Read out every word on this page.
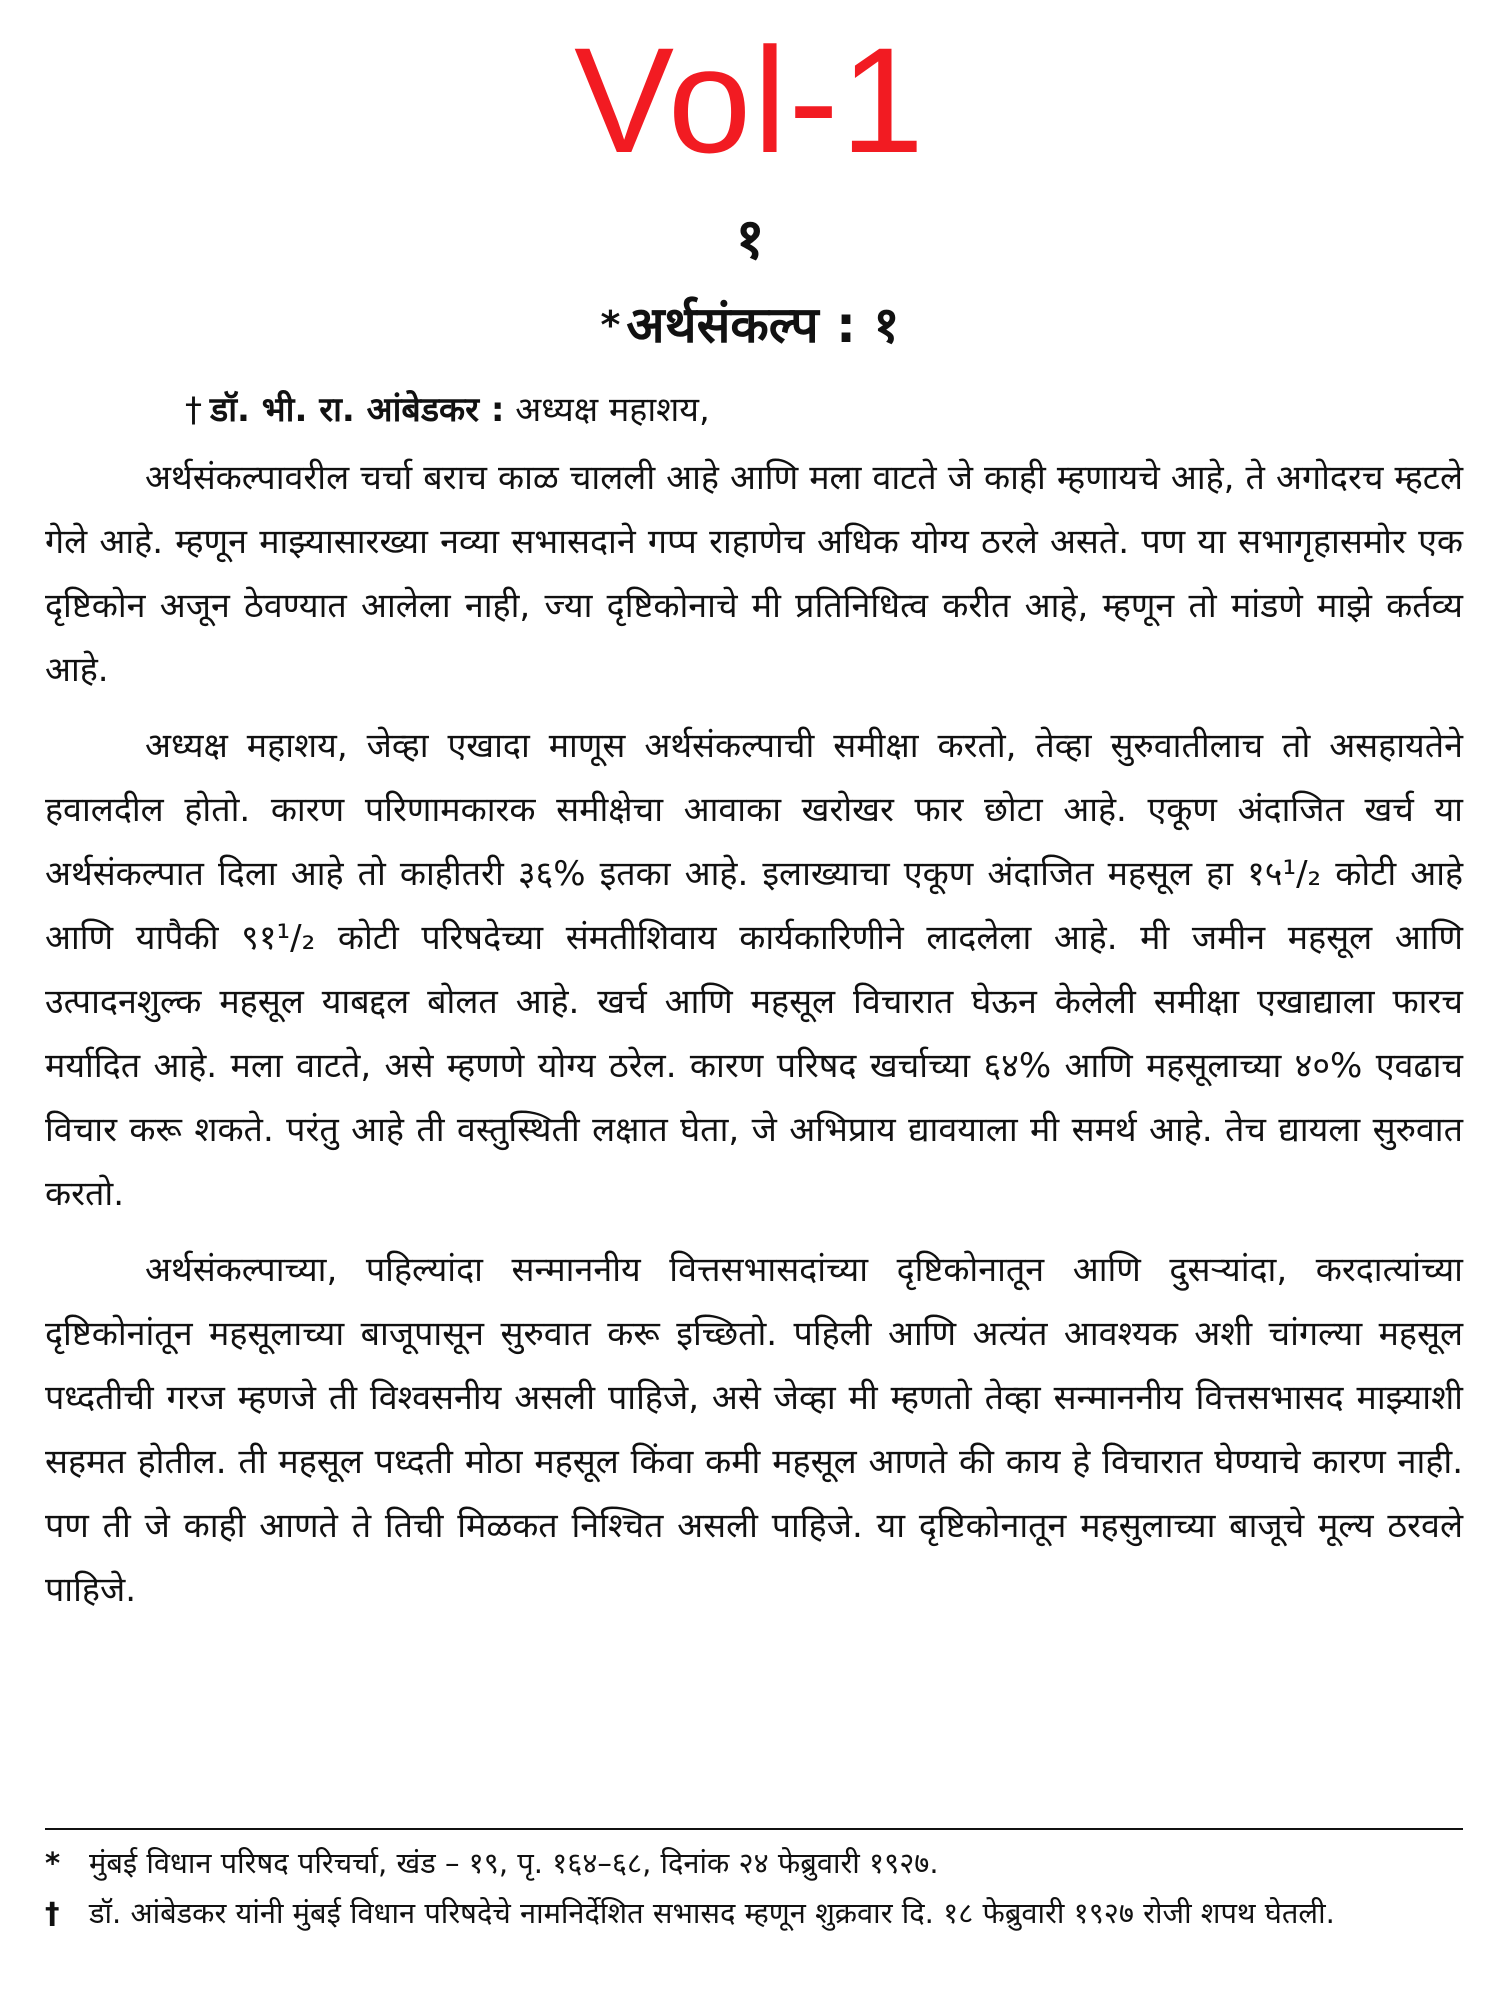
Vol-1
१
* अर्थसंकल्प : १
† डॉ. भी. रा. आंबेडकर : अध्यक्ष महाशय,

अर्थसंकल्पावरील चर्चा बराच काळ चालली आहे आणि मला वाटते जे काही म्हणायचे आहे, ते अगोदरच म्हटले गेले आहे. म्हणून माझ्यासारख्या नव्या सभासदाने गप्प राहाणेच अधिक योग्य ठरले असते. पण या सभागृहासमोर एक दृष्टिकोन अजून ठेवण्यात आलेला नाही, ज्या दृष्टिकोनाचे मी प्रतिनिधित्व करीत आहे, म्हणून तो मांडणे माझे कर्तव्य आहे.

अध्यक्ष महाशय, जेव्हा एखादा माणूस अर्थसंकल्पाची समीक्षा करतो, तेव्हा सुरुवातीलाच तो असहायतेने हवालदील होतो. कारण परिणामकारक समीक्षेचा आवाका खरोखर फार छोटा आहे. एकूण अंदाजित खर्च या अर्थसंकल्पात दिला आहे तो काहीतरी ३६% इतका आहे. इलाख्याचा एकूण अंदाजित महसूल हा १५¹/₂ कोटी आहे आणि यापैकी ९१¹/₂ कोटी परिषदेच्या संमतीशिवाय कार्यकारिणीने लादलेला आहे. मी जमीन महसूल आणि उत्पादनशुल्क महसूल याबद्दल बोलत आहे. खर्च आणि महसूल विचारात घेऊन केलेली समीक्षा एखाद्याला फारच मर्यादित आहे. मला वाटते, असे म्हणणे योग्य ठरेल. कारण परिषद खर्चाच्या ६४% आणि महसूलाच्या ४०% एवढाच विचार करू शकते. परंतु आहे ती वस्तुस्थिती लक्षात घेता, जे अभिप्राय द्यावयाला मी समर्थ आहे. तेच द्यायला सुरुवात करतो.

अर्थसंकल्पाच्या, पहिल्यांदा सन्माननीय वित्तसभासदांच्या दृष्टिकोनातून आणि दुसऱ्यांदा, करदात्यांच्या दृष्टिकोनांतून महसूलाच्या बाजूपासून सुरुवात करू इच्छितो. पहिली आणि अत्यंत आवश्यक अशी चांगल्या महसूल पध्दतीची गरज म्हणजे ती विश्वसनीय असली पाहिजे, असे जेव्हा मी म्हणतो तेव्हा सन्माननीय वित्तसभासद माझ्याशी सहमत होतील. ती महसूल पध्दती मोठा महसूल किंवा कमी महसूल आणते की काय हे विचारात घेण्याचे कारण नाही. पण ती जे काही आणते ते तिची मिळकत निश्चित असली पाहिजे. या दृष्टिकोनातून महसुलाच्या बाजूचे मूल्य ठरवले पाहिजे.

* मुंबई विधान परिषद परिचर्चा, खंड – १९, पृ. १६४–६८, दिनांक २४ फेब्रुवारी १९२७.

† डॉ. आंबेडकर यांनी मुंबई विधान परिषदेचे नामनिर्देशित सभासद म्हणून शुक्रवार दि. १८ फेब्रुवारी १९२७ रोजी शपथ घेतली.
